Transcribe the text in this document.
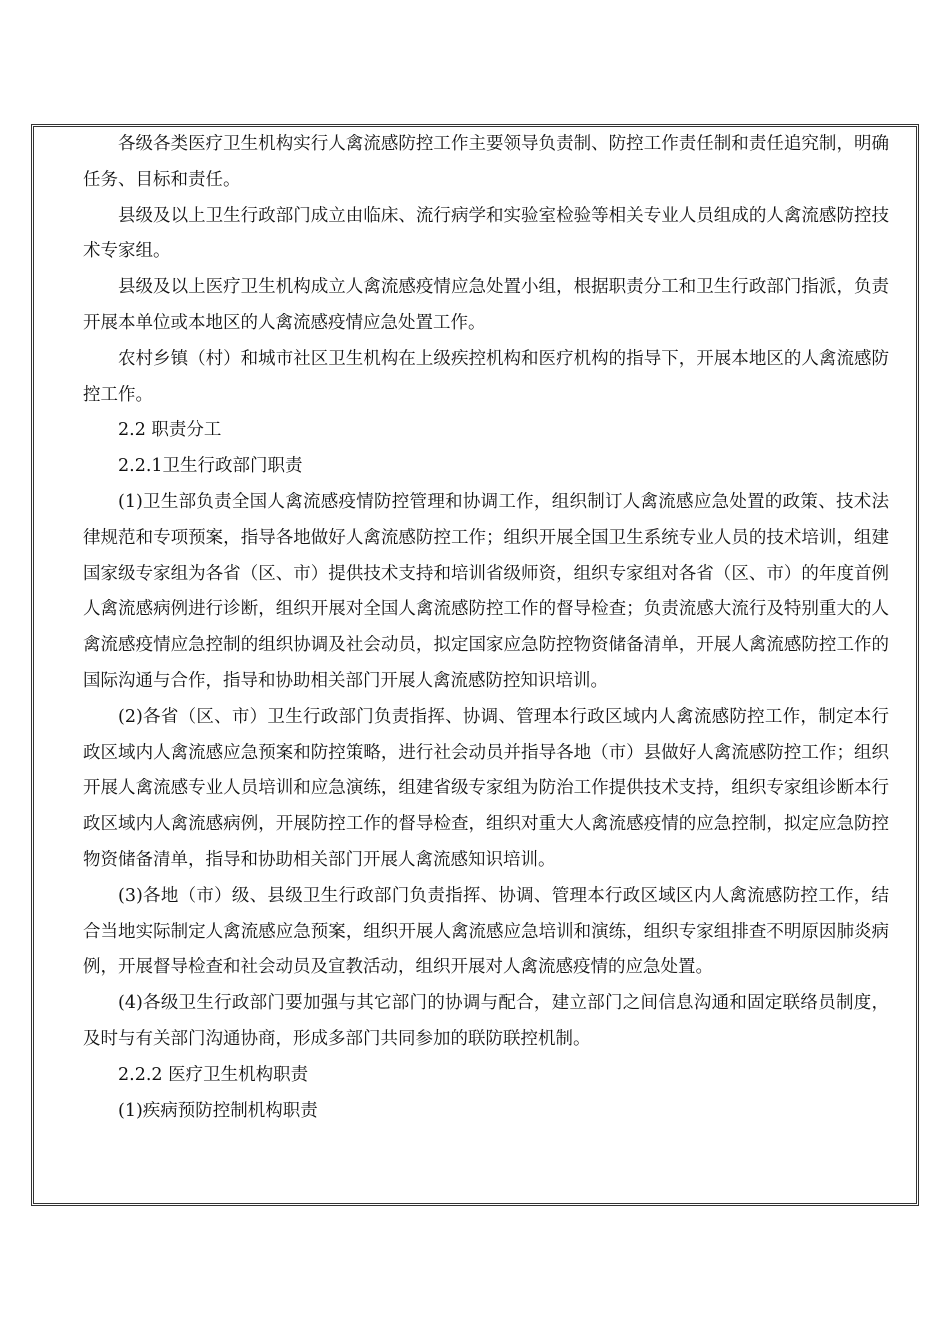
各级各类医疗卫生机构实行人禽流感防控工作主要领导负责制、防控工作责任制和责任追究制，明确任务、目标和责任。

县级及以上卫生行政部门成立由临床、流行病学和实验室检验等相关专业人员组成的人禽流感防控技术专家组。

县级及以上医疗卫生机构成立人禽流感疫情应急处置小组，根据职责分工和卫生行政部门指派，负责开展本单位或本地区的人禽流感疫情应急处置工作。

农村乡镇（村）和城市社区卫生机构在上级疾控机构和医疗机构的指导下，开展本地区的人禽流感防控工作。

2.2 职责分工

2.2.1卫生行政部门职责

(1)卫生部负责全国人禽流感疫情防控管理和协调工作，组织制订人禽流感应急处置的政策、技术法律规范和专项预案，指导各地做好人禽流感防控工作；组织开展全国卫生系统专业人员的技术培训，组建国家级专家组为各省（区、市）提供技术支持和培训省级师资，组织专家组对各省（区、市）的年度首例人禽流感病例进行诊断，组织开展对全国人禽流感防控工作的督导检查；负责流感大流行及特别重大的人禽流感疫情应急控制的组织协调及社会动员，拟定国家应急防控物资储备清单，开展人禽流感防控工作的国际沟通与合作，指导和协助相关部门开展人禽流感防控知识培训。

(2)各省（区、市）卫生行政部门负责指挥、协调、管理本行政区域内人禽流感防控工作，制定本行政区域内人禽流感应急预案和防控策略，进行社会动员并指导各地（市）县做好人禽流感防控工作；组织开展人禽流感专业人员培训和应急演练，组建省级专家组为防治工作提供技术支持，组织专家组诊断本行政区域内人禽流感病例，开展防控工作的督导检查，组织对重大人禽流感疫情的应急控制，拟定应急防控物资储备清单，指导和协助相关部门开展人禽流感知识培训。

(3)各地（市）级、县级卫生行政部门负责指挥、协调、管理本行政区域区内人禽流感防控工作，结合当地实际制定人禽流感应急预案，组织开展人禽流感应急培训和演练，组织专家组排查不明原因肺炎病例，开展督导检查和社会动员及宣教活动，组织开展对人禽流感疫情的应急处置。

(4)各级卫生行政部门要加强与其它部门的协调与配合，建立部门之间信息沟通和固定联络员制度，及时与有关部门沟通协商，形成多部门共同参加的联防联控机制。

2.2.2 医疗卫生机构职责

(1)疾病预防控制机构职责
